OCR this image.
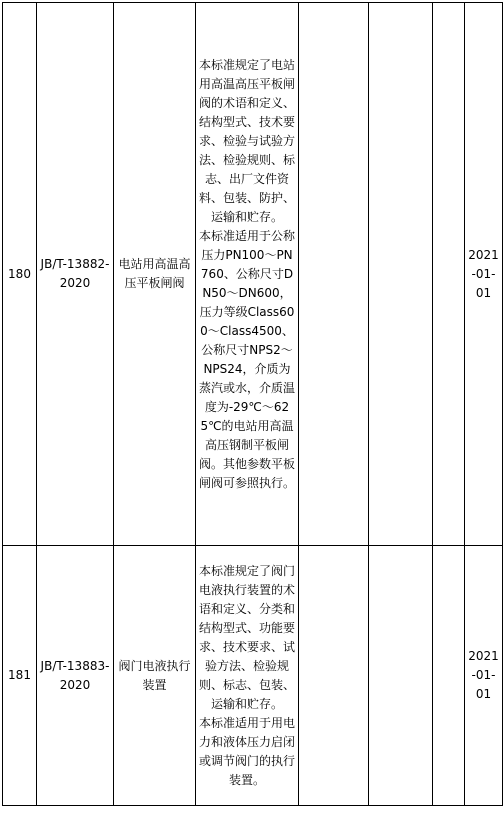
180	JB/T-13882-2020	电站用高温高压平板闸阀	本标准规定了电站用高温高压平板闸阀的术语和定义、结构型式、技术要求、检验与试验方法、检验规则、标志、出厂文件资料、包装、防护、运输和贮存。
本标准适用于公称压力PN100～PN760、公称尺寸DN50～DN600，压力等级Class600～Class4500、公称尺寸NPS2～NPS24，介质为蒸汽或水，介质温度为-29℃～625℃的电站用高温高压钢制平板闸阀。其他参数平板闸阀可参照执行。				2021-01-01
181	JB/T-13883-2020	阀门电液执行装置	本标准规定了阀门电液执行装置的术语和定义、分类和结构型式、功能要求、技术要求、试验方法、检验规则、标志、包装、运输和贮存。
本标准适用于用电力和液体压力启闭或调节阀门的执行装置。				2021-01-01
